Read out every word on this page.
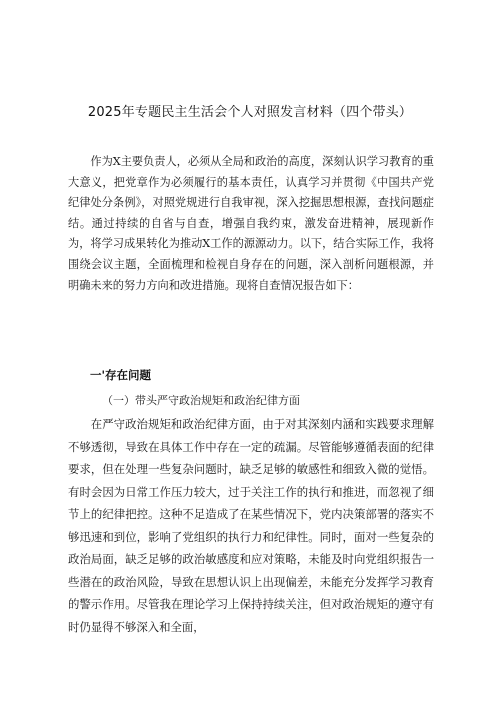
2025年专题民主生活会个人对照发言材料（四个带头）

作为X主要负责人，必须从全局和政治的高度，深刻认识学习教育的重大意义，把党章作为必须履行的基本责任，认真学习并贯彻《中国共产党纪律处分条例》，对照党规进行自我审视，深入挖掘思想根源，查找问题症结。通过持续的自省与自查，增强自我约束，激发奋进精神，展现新作为，将学习成果转化为推动X工作的源源动力。以下，结合实际工作，我将围绕会议主题，全面梳理和检视自身存在的问题，深入剖析问题根源，并明确未来的努力方向和改进措施。现将自查情况报告如下：

一'存在问题
（一）带头严守政治规矩和政治纪律方面

在严守政治规矩和政治纪律方面，由于对其深刻内涵和实践要求理解不够透彻，导致在具体工作中存在一定的疏漏。尽管能够遵循表面的纪律要求，但在处理一些复杂问题时，缺乏足够的敏感性和细致入微的觉悟。有时会因为日常工作压力较大，过于关注工作的执行和推进，而忽视了细节上的纪律把控。这种不足造成了在某些情况下，党内决策部署的落实不够迅速和到位，影响了党组织的执行力和纪律性。同时，面对一些复杂的政治局面，缺乏足够的政治敏感度和应对策略，未能及时向党组织报告一些潜在的政治风险，导致在思想认识上出现偏差，未能充分发挥学习教育的警示作用。尽管我在理论学习上保持持续关注，但对政治规矩的遵守有时仍显得不够深入和全面，
